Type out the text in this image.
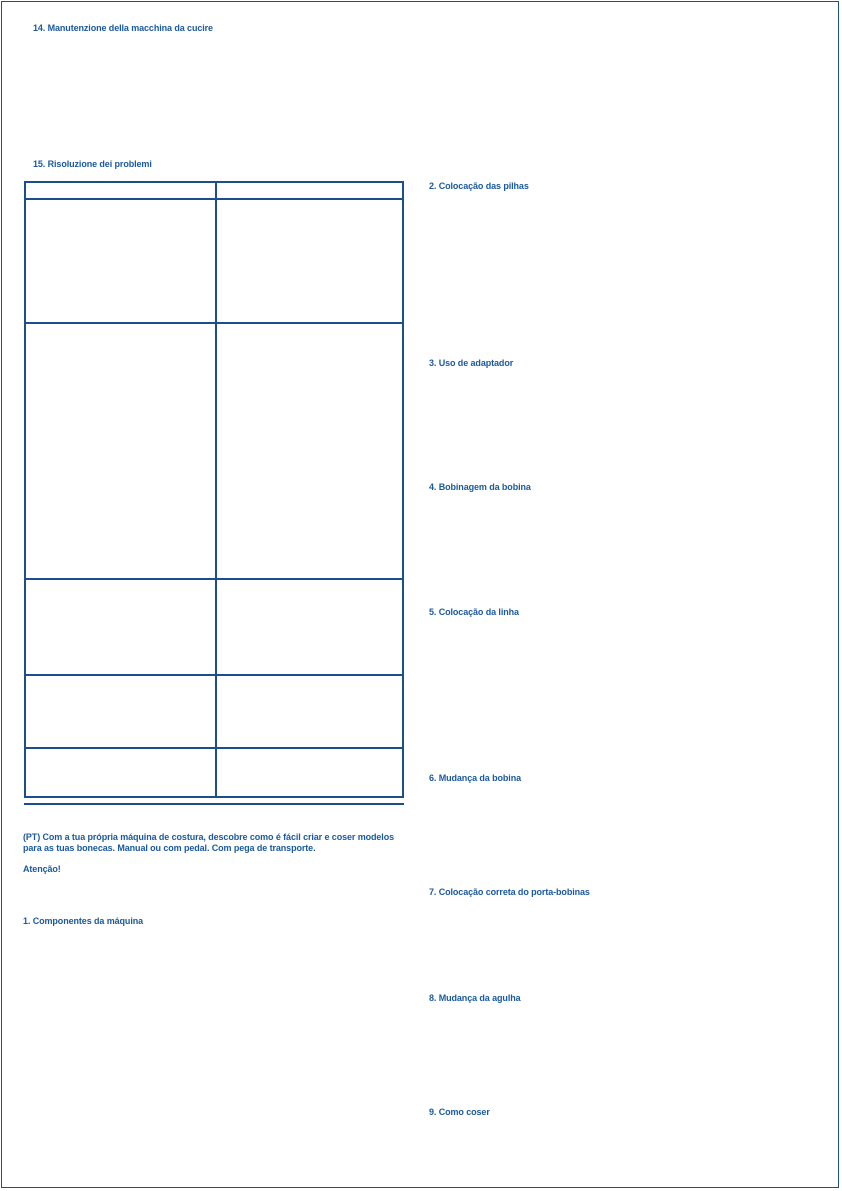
14. Manutenzione della macchina da cucire
15. Risoluzione dei problemi
(PT) Com a tua própria máquina de costura, descobre como é fácil criar e coser modelos para as tuas bonecas. Manual ou com pedal. Com pega de transporte.
Atenção!
1. Componentes da máquina
2. Colocação das pilhas
3. Uso de adaptador
4. Bobinagem da bobina
5. Colocação da linha
6. Mudança da bobina
7. Colocação correta do porta-bobinas
8. Mudança da agulha
9. Como coser
